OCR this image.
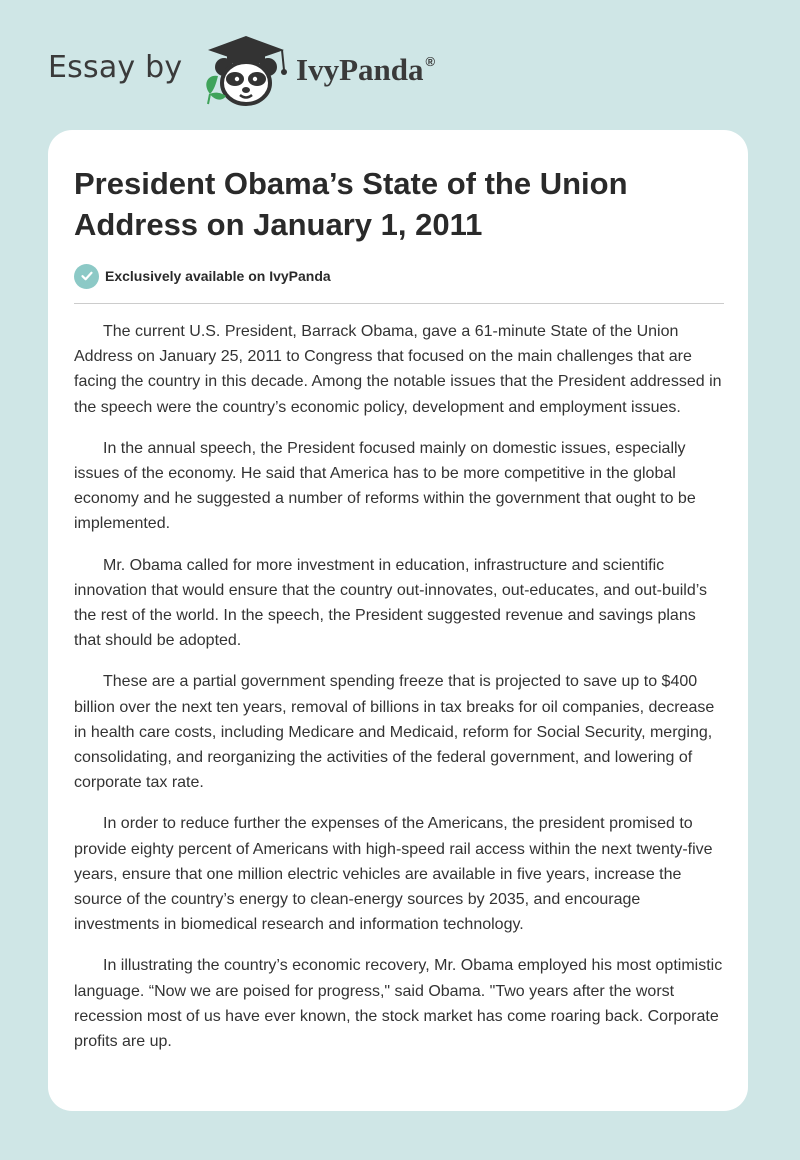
Essay by	IvyPanda ®
President Obama’s State of the Union Address on January 1, 2011
Exclusively available on IvyPanda

The current U.S. President, Barrack Obama, gave a 61-minute State of the Union Address on January 25, 2011 to Congress that focused on the main challenges that are facing the country in this decade. Among the notable issues that the President addressed in the speech were the country’s economic policy, development and employment issues.

In the annual speech, the President focused mainly on domestic issues, especially issues of the economy. He said that America has to be more competitive in the global economy and he suggested a number of reforms within the government that ought to be implemented.

Mr. Obama called for more investment in education, infrastructure and scientific innovation that would ensure that the country out-innovates, out-educates, and out-build’s the rest of the world. In the speech, the President suggested revenue and savings plans that should be adopted.

These are a partial government spending freeze that is projected to save up to $400 billion over the next ten years, removal of billions in tax breaks for oil companies, decrease in health care costs, including Medicare and Medicaid, reform for Social Security, merging, consolidating, and reorganizing the activities of the federal government, and lowering of corporate tax rate.

In order to reduce further the expenses of the Americans, the president promised to provide eighty percent of Americans with high-speed rail access within the next twenty-five years, ensure that one million electric vehicles are available in five years, increase the source of the country’s energy to clean-energy sources by 2035, and encourage investments in biomedical research and information technology.

In illustrating the country’s economic recovery, Mr. Obama employed his most optimistic language. “Now we are poised for progress," said Obama. "Two years after the worst recession most of us have ever known, the stock market has come roaring back. Corporate profits are up.
